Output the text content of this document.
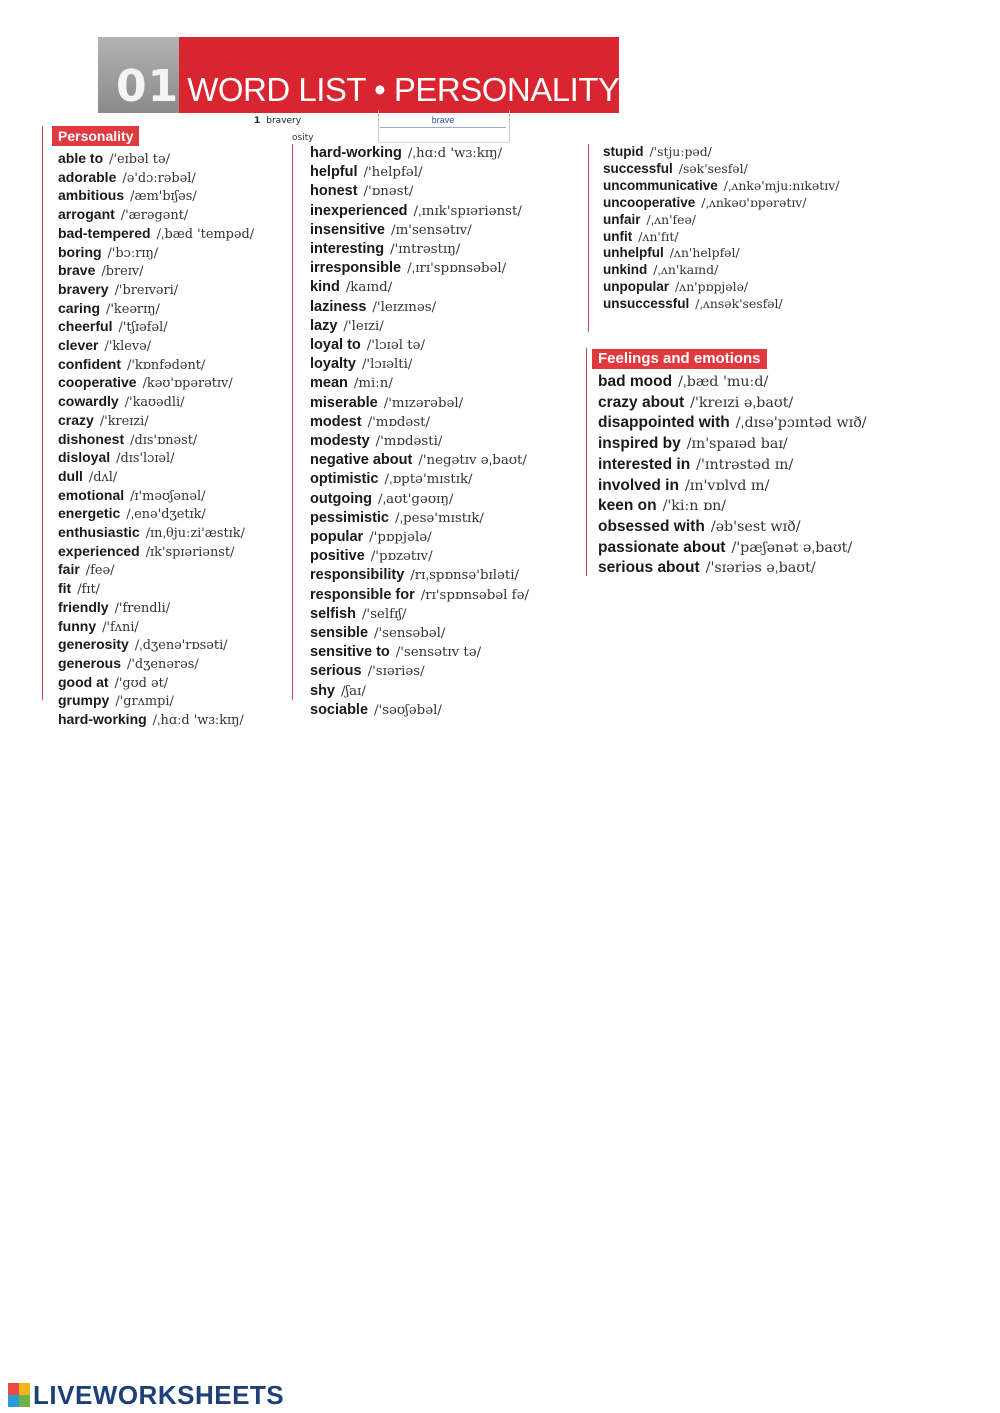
01 WORD LIST • PERSONALITY
1 bravery	brave
osity
Personality
able to /'eɪbəl tə/
adorable /ə'dɔːrəbəl/
ambitious /æm'bɪʃəs/
arrogant /'ærəgənt/
bad-tempered /ˌbæd 'tempəd/
boring /'bɔːrɪŋ/
brave /breɪv/
bravery /'breɪvəri/
caring /'keərɪŋ/
cheerful /'tʃɪəfəl/
clever /'klevə/
confident /'kɒnfədənt/
cooperative /kəʊ'ɒpərətɪv/
cowardly /'kaʊədli/
crazy /'kreɪzi/
dishonest /dɪs'ɒnəst/
disloyal /dɪs'lɔɪəl/
dull /dʌl/
emotional /ɪ'məʊʃənəl/
energetic /ˌenə'dʒetɪk/
enthusiastic /ɪnˌθjuːzi'æstɪk/
experienced /ɪk'spɪəriənst/
fair /feə/
fit /fɪt/
friendly /'frendli/
funny /'fʌni/
generosity /ˌdʒenə'rɒsəti/
generous /'dʒenərəs/
good at /'gʊd ət/
grumpy /'grʌmpi/
hard-working /ˌhɑːd 'wɜːkɪŋ/
hard-working /ˌhɑːd 'wɜːkɪŋ/
helpful /'helpfəl/
honest /'ɒnəst/
inexperienced /ˌɪnɪk'spɪəriənst/
insensitive /ɪn'sensətɪv/
interesting /'ɪntrəstɪŋ/
irresponsible /ˌɪrɪ'spɒnsəbəl/
kind /kaɪnd/
laziness /'leɪzɪnəs/
lazy /'leɪzi/
loyal to /'lɔɪəl tə/
loyalty /'lɔɪəlti/
mean /miːn/
miserable /'mɪzərəbəl/
modest /'mɒdəst/
modesty /'mɒdəsti/
negative about /'negətɪv əˌbaʊt/
optimistic /ˌɒptə'mɪstɪk/
outgoing /ˌaʊt'gəʊɪŋ/
pessimistic /ˌpesə'mɪstɪk/
popular /'pɒpjələ/
positive /'pɒzətɪv/
responsibility /rɪˌspɒnsə'bɪləti/
responsible for /rɪ'spɒnsəbəl fə/
selfish /'selfɪʃ/
sensible /'sensəbəl/
sensitive to /'sensətɪv tə/
serious /'sɪəriəs/
shy /ʃaɪ/
sociable /'səʊʃəbəl/
stupid /'stjuːpəd/
successful /sək'sesfəl/
uncommunicative /ˌʌnkə'mjuːnɪkətɪv/
uncooperative /ˌʌnkəʊ'ɒpərətɪv/
unfair /ˌʌn'feə/
unfit /ʌn'fɪt/
unhelpful /ʌn'helpfəl/
unkind /ˌʌn'kaɪnd/
unpopular /ʌn'pɒpjələ/
unsuccessful /ˌʌnsək'sesfəl/
Feelings and emotions
bad mood /ˌbæd 'muːd/
crazy about /'kreɪzi əˌbaʊt/
disappointed with /ˌdɪsə'pɔɪntəd wɪð/
inspired by /ɪn'spaɪəd baɪ/
interested in /'ɪntrəstəd ɪn/
involved in /ɪn'vɒlvd ɪn/
keen on /'kiːn ɒn/
obsessed with /əb'sest wɪð/
passionate about /'pæʃənət əˌbaʊt/
serious about /'sɪəriəs əˌbaʊt/
LIVEWORKSHEETS
